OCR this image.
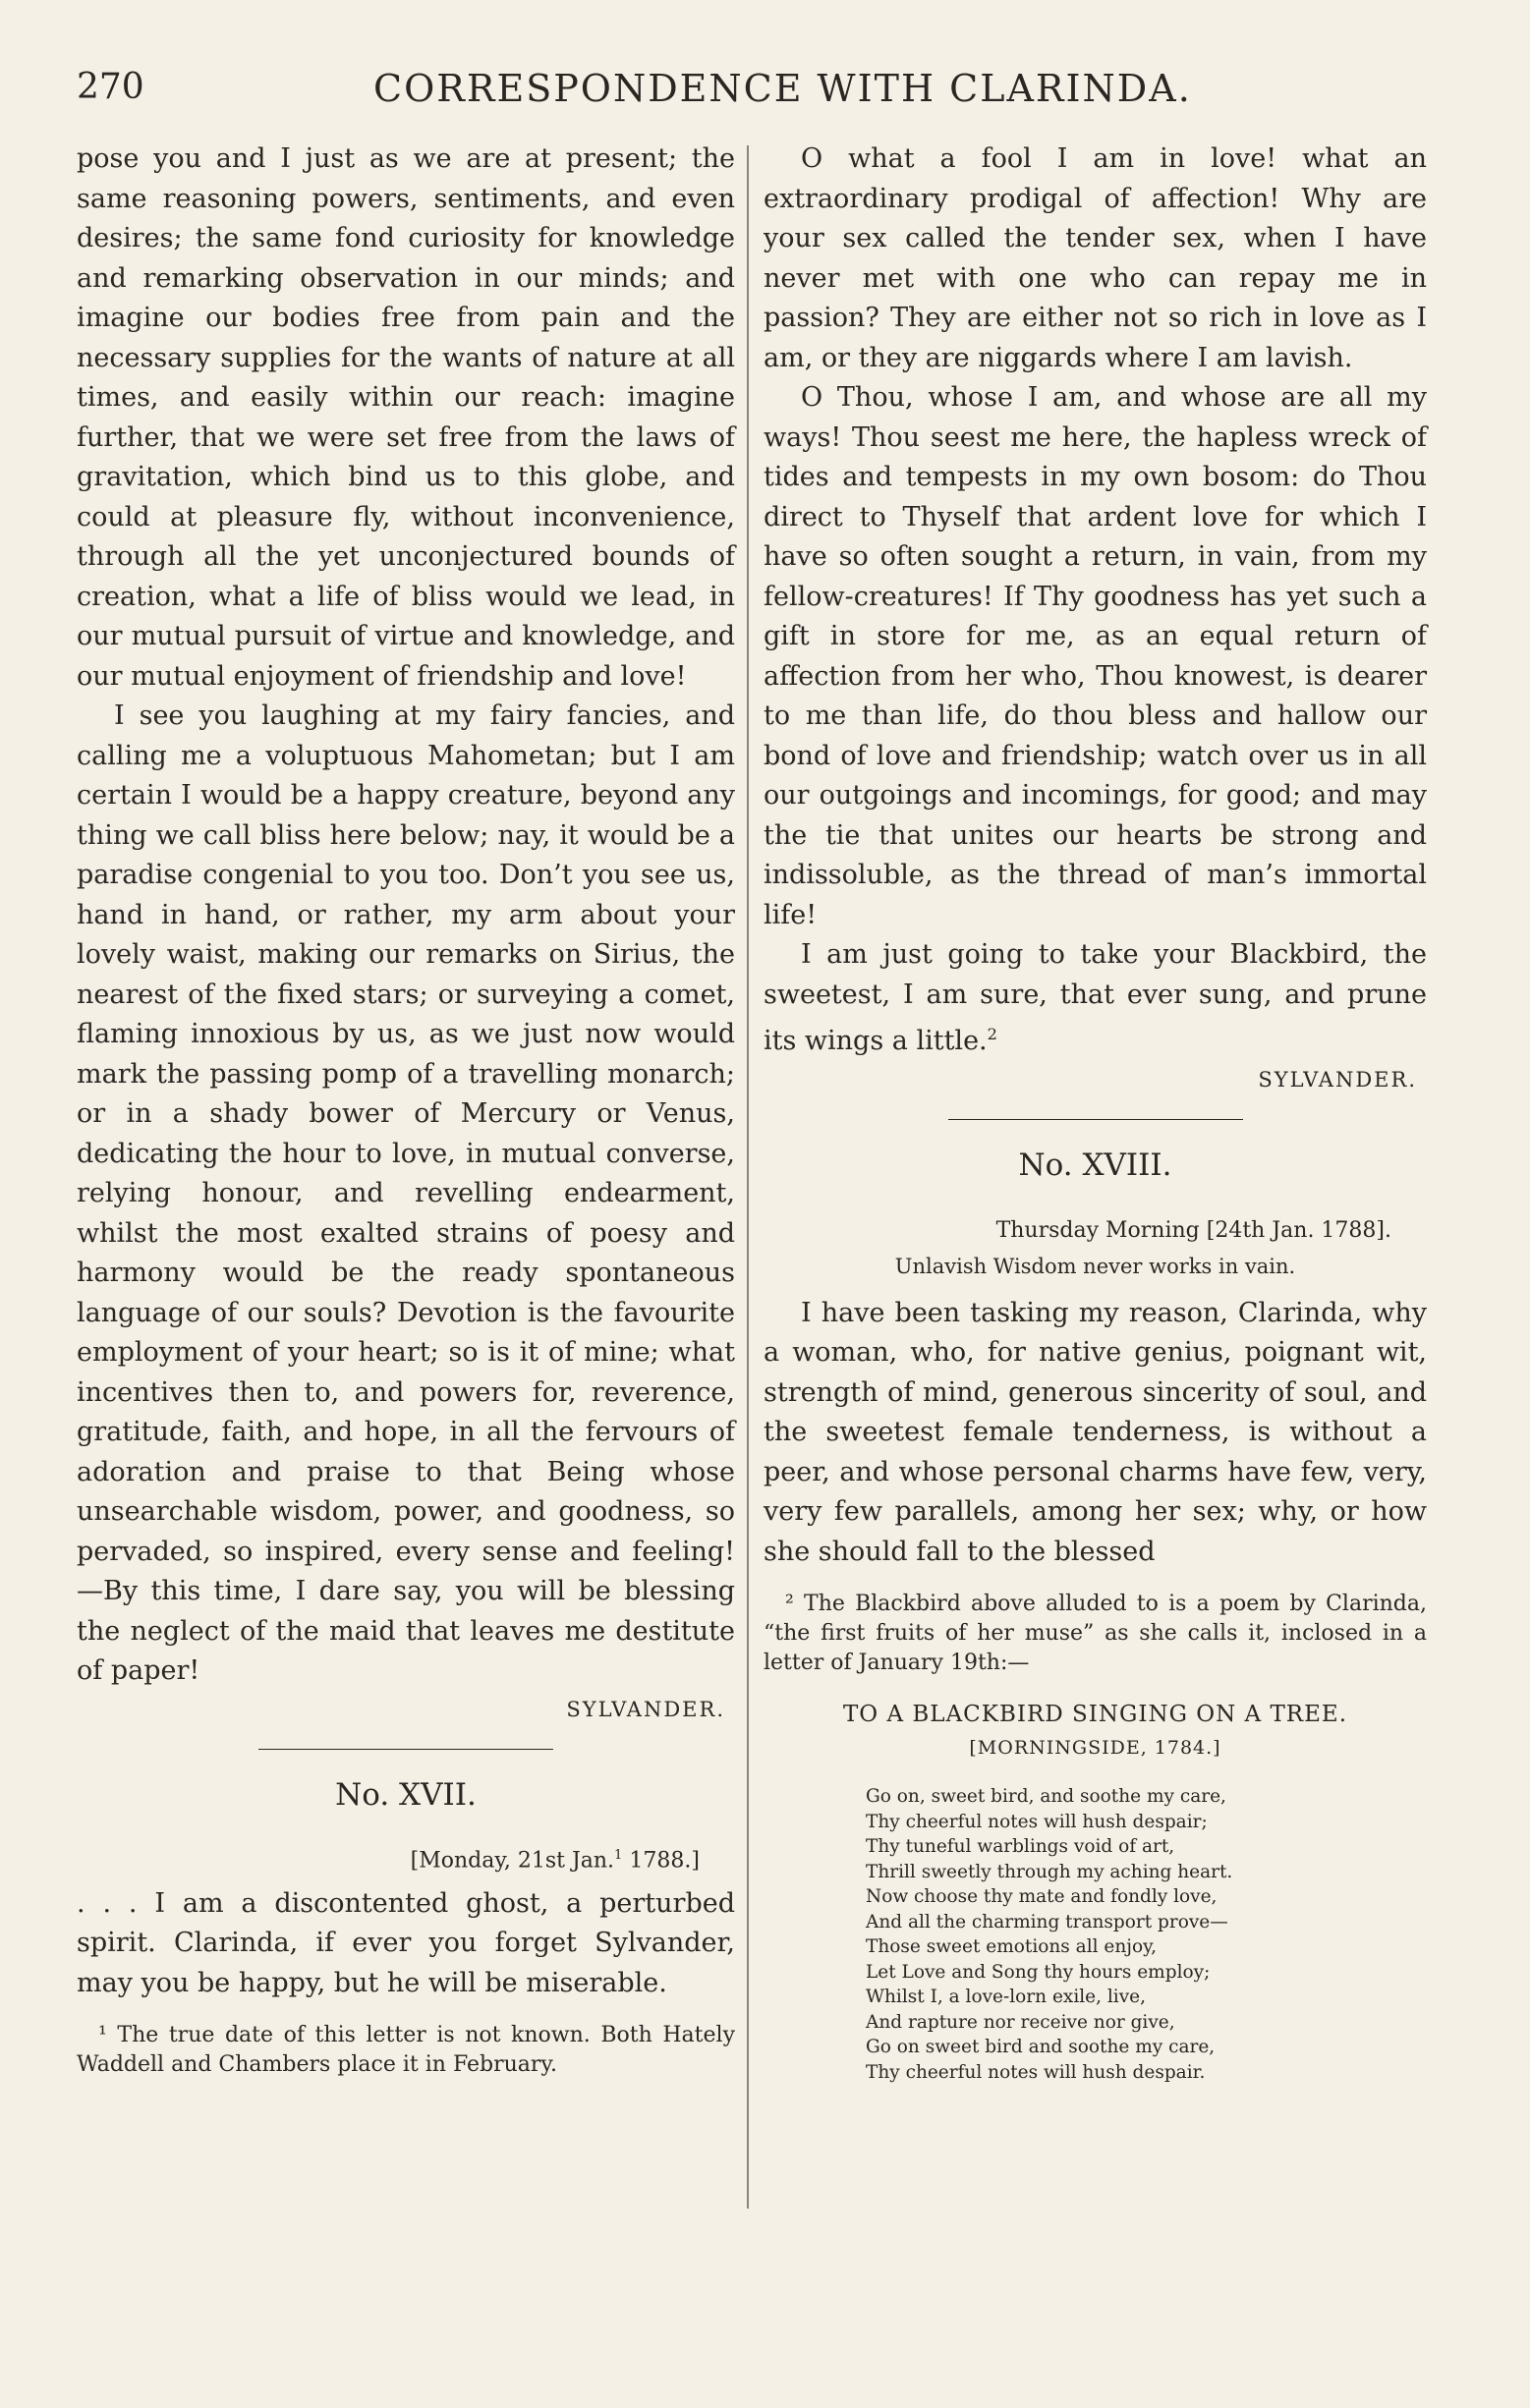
270	CORRESPONDENCE WITH CLARINDA.

pose you and I just as we are at present; the same reasoning powers, sentiments, and even desires; the same fond curiosity for knowledge and remarking observation in our minds; and imagine our bodies free from pain and the necessary supplies for the wants of nature at all times, and easily within our reach: imagine further, that we were set free from the laws of gravitation, which bind us to this globe, and could at pleasure fly, without inconvenience, through all the yet unconjectured bounds of creation, what a life of bliss would we lead, in our mutual pursuit of virtue and knowledge, and our mutual enjoyment of friendship and love!

I see you laughing at my fairy fancies, and calling me a voluptuous Mahometan; but I am certain I would be a happy creature, beyond any thing we call bliss here below; nay, it would be a paradise congenial to you too. Don’t you see us, hand in hand, or rather, my arm about your lovely waist, making our remarks on Sirius, the nearest of the fixed stars; or surveying a comet, flaming innoxious by us, as we just now would mark the passing pomp of a travelling monarch; or in a shady bower of Mercury or Venus, dedicating the hour to love, in mutual converse, relying honour, and revelling endearment, whilst the most exalted strains of poesy and harmony would be the ready spontaneous language of our souls? Devotion is the favourite employment of your heart; so is it of mine; what incentives then to, and powers for, reverence, gratitude, faith, and hope, in all the fervours of adoration and praise to that Being whose unsearchable wisdom, power, and goodness, so pervaded, so inspired, every sense and feeling! —By this time, I dare say, you will be blessing the neglect of the maid that leaves me destitute of paper!

SYLVANDER.
No. XVII.
[Monday, 21st Jan.$^1$ 1788.]

. . . I am a discontented ghost, a perturbed spirit. Clarinda, if ever you forget Sylvander, may you be happy, but he will be miserable.

¹ The true date of this letter is not known. Both Hately Waddell and Chambers place it in February.

O what a fool I am in love! what an extraordinary prodigal of affection! Why are your sex called the tender sex, when I have never met with one who can repay me in passion? They are either not so rich in love as I am, or they are niggards where I am lavish.

O Thou, whose I am, and whose are all my ways! Thou seest me here, the hapless wreck of tides and tempests in my own bosom: do Thou direct to Thyself that ardent love for which I have so often sought a return, in vain, from my fellow-creatures! If Thy goodness has yet such a gift in store for me, as an equal return of affection from her who, Thou knowest, is dearer to me than life, do thou bless and hallow our bond of love and friendship; watch over us in all our outgoings and incomings, for good; and may the tie that unites our hearts be strong and indissoluble, as the thread of man’s immortal life!

I am just going to take your Blackbird, the sweetest, I am sure, that ever sung, and prune its wings a little.$^2$

SYLVANDER.
No. XVIII.
Thursday Morning [24th Jan. 1788].
Unlavish Wisdom never works in vain.

I have been tasking my reason, Clarinda, why a woman, who, for native genius, poignant wit, strength of mind, generous sincerity of soul, and the sweetest female tenderness, is without a peer, and whose personal charms have few, very, very few parallels, among her sex; why, or how she should fall to the blessed

² The Blackbird above alluded to is a poem by Clarinda, “the first fruits of her muse” as she calls it, inclosed in a letter of January 19th:—

TO A BLACKBIRD SINGING ON A TREE.
[MORNINGSIDE, 1784.]
Go on, sweet bird, and soothe my care,
Thy cheerful notes will hush despair;
Thy tuneful warblings void of art,
Thrill sweetly through my aching heart.
Now choose thy mate and fondly love,
And all the charming transport prove—
Those sweet emotions all enjoy,
Let Love and Song thy hours employ;
Whilst I, a love-lorn exile, live,
And rapture nor receive nor give,
Go on sweet bird and soothe my care,
Thy cheerful notes will hush despair.
